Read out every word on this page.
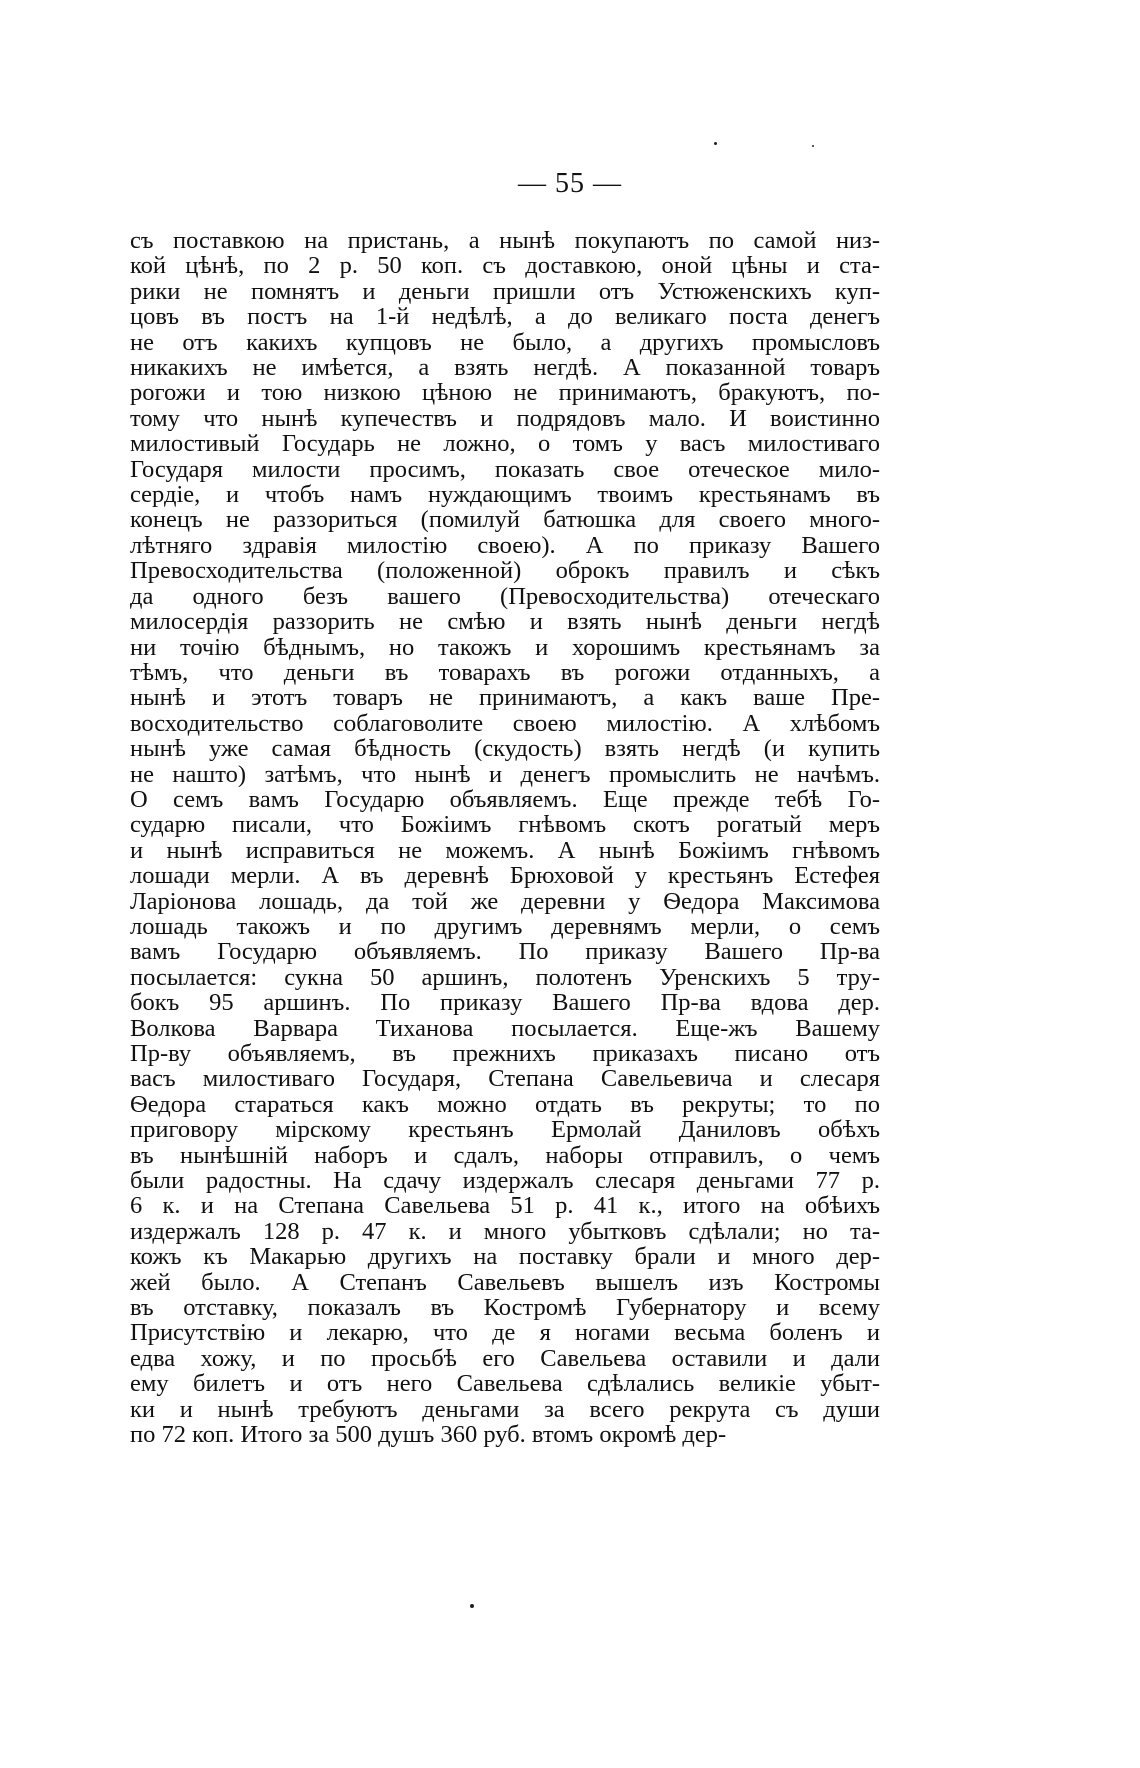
— 55 —
съ поставкою на пристань, а нынѣ покупаютъ по самой низ-
кой цѣнѣ, по 2 р. 50 коп. съ доставкою, оной цѣны и ста-
рики не помнятъ и деньги пришли отъ Устюженскихъ куп-
цовъ въ постъ на 1-й недѣлѣ, а до великаго поста денегъ
не отъ какихъ купцовъ не было, а другихъ промысловъ
никакихъ не имѣется, а взять негдѣ. А показанной товаръ
рогожи и тою низкою цѣною не принимаютъ, бракуютъ, по-
тому что нынѣ купечествъ и подрядовъ мало. И воистинно
милостивый Государь не ложно, о томъ у васъ милостиваго
Государя милости просимъ, показать свое отеческое мило-
сердіе, и чтобъ намъ нуждающимъ твоимъ крестьянамъ въ
конецъ не раззориться (помилуй батюшка для своего много-
лѣтняго здравія милостію своею). А по приказу Вашего
Превосходительства (положенной) оброкъ правилъ и сѣкъ
да одного безъ вашего (Превосходительства) отеческаго
милосердія раззорить не смѣю и взять нынѣ деньги негдѣ
ни точію бѣднымъ, но такожъ и хорошимъ крестьянамъ за
тѣмъ, что деньги въ товарахъ въ рогожи отданныхъ, а
нынѣ и этотъ товаръ не принимаютъ, а какъ ваше Пре-
восходительство соблаговолите своею милостію. А хлѣбомъ
нынѣ уже самая бѣдность (скудость) взять негдѣ (и купить
не нашто) затѣмъ, что нынѣ и денегъ промыслить не начѣмъ.
О семъ вамъ Государю объявляемъ. Еще прежде тебѣ Го-
сударю писали, что Божіимъ гнѣвомъ скотъ рогатый меръ
и нынѣ исправиться не можемъ. А нынѣ Божіимъ гнѣвомъ
лошади мерли. А въ деревнѣ Брюховой у крестьянъ Естефея
Ларіонова лошадь, да той же деревни у Ѳедора Максимова
лошадь такожъ и по другимъ деревнямъ мерли, о семъ
вамъ Государю объявляемъ. По приказу Вашего Пр-ва
посылается: сукна 50 аршинъ, полотенъ Уренскихъ 5 тру-
бокъ 95 аршинъ. По приказу Вашего Пр-ва вдова дер.
Волкова Варвара Тиханова посылается. Еще-жъ Вашему
Пр-ву объявляемъ, въ прежнихъ приказахъ писано отъ
васъ милостиваго Государя, Степана Савельевича и слесаря
Ѳедора стараться какъ можно отдать въ рекруты; то по
приговору мірскому крестьянъ Ермолай Даниловъ обѣхъ
въ нынѣшній наборъ и сдалъ, наборы отправилъ, о чемъ
были радостны. На сдачу издержалъ слесаря деньгами 77 р.
6 к. и на Степана Савельева 51 р. 41 к., итого на обѣихъ
издержалъ 128 р. 47 к. и много убытковъ сдѣлали; но та-
кожъ къ Макарью другихъ на поставку брали и много дер-
жей было. А Степанъ Савельевъ вышелъ изъ Костромы
въ отставку, показалъ въ Костромѣ Губернатору и всему
Присутствію и лекарю, что де я ногами весьма боленъ и
едва хожу, и по просьбѣ его Савельева оставили и дали
ему билетъ и отъ него Савельева сдѣлались великіе убыт-
ки и нынѣ требуютъ деньгами за всего рекрута съ души
по 72 коп. Итого за 500 душъ 360 руб. втомъ окромѣ дер-
